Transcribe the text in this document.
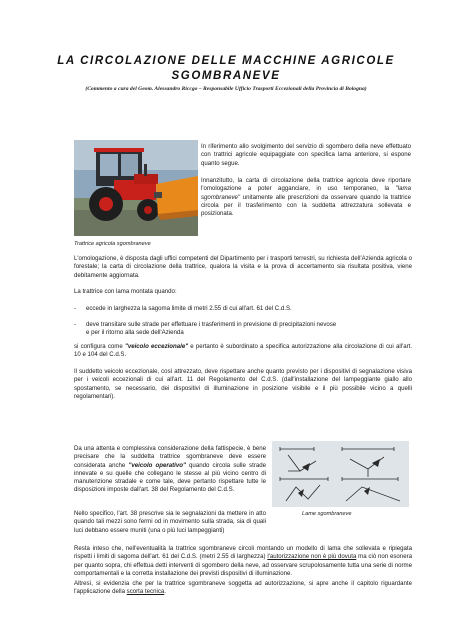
LA CIRCOLAZIONE DELLE MACCHINE AGRICOLE
SGOMBRANEVE
(Commento a cura del Geom. Alessandro Riccgo – Responsabile Ufficio Trasporti Eccezionali della Provincia di Bologna)
Trattrice agricola sgombraneve
In riferimento allo svolgimento del servizio di sgombero della neve effettuato con trattrici agricole equipaggiate con specifica lama anteriore, si espone quanto segue.
Innanzitutto, la carta di circolazione della trattrice agricola deve riportare l'omologazione a poter agganciare, in uso temporaneo, la "lama sgombraneve" unitamente alle prescrizioni da osservare quando la trattrice circola per il trasferimento con la suddetta attrezzatura sollevata e posizionata.
L'omologazione, è disposta dagli uffici competenti del Dipartimento per i trasporti terrestri, su richiesta dell'Azienda agricola o forestale; la carta di circolazione della trattrice, qualora la visita e la prova di accertamento sia risultata positiva, viene debitamente aggiornata.
La trattrice con lama montata quando:
- eccede in larghezza la sagoma limite di metri 2.55 di cui all'art. 61 del C.d.S.
- deve transitare sulle strade per effettuare i trasferimenti in previsione di precipitazioni nevose
e per il ritorno alla sede dell'Azienda
si configura come "veicolo eccezionale" e pertanto è subordinato a specifica autorizzazione alla circolazione di cui all'art. 10 e 104 del C.d.S.
Il suddetto veicolo eccezionale, così attrezzato, deve rispettare anche quanto previsto per i dispositivi di segnalazione visiva per i veicoli eccezionali di cui all'art. 11 del Regolamento del C.d.S. (dall'installazione del lampeggiante giallo allo spostamento, se necessario, dei dispositivi di illuminazione in posizione visibile e il più possibile vicino a quelli regolamentari).
Da una attenta e complessiva considerazione della fattispecie, è bene precisare che la suddetta trattrice sgombraneve deve essere considerata anche "veicolo operativo" quando circola sulle strade innevate e su quelle che collegano le stesse al più vicino centro di manutenzione stradale e come tale, deve pertanto rispettare tutte le disposizioni imposte dall'art. 38 del Regolamento del C.d.S.
Nello specifico, l'art. 38 prescrive sia le segnalazioni da mettere in atto quando tali mezzi sono fermi od in movimento sulla strada, sia di quali luci debbano essere muniti (una o più luci lampeggianti)
Lame sgombraneve
Resta inteso che, nell'eventualità la trattrice sgombraneve circoli montando un modello di lama che sollevata e ripiegata rispetti i limiti di sagoma dell'art. 61 del C.d.S. (metri 2.55 di larghezza) l'autorizzazione non è più dovuta ma ciò non esonera per quanto sopra, chi effettua detti interventi di sgombero della neve, ad osservare scrupolosamente tutta una serie di norme comportamentali e la corretta installazione dei previsti dispositivi di illuminazione.
Altresì, si evidenzia che per la trattrice sgombraneve soggetta ad autorizzazione, si apre anche il capitolo riguardante l'applicazione della scorta tecnica.
